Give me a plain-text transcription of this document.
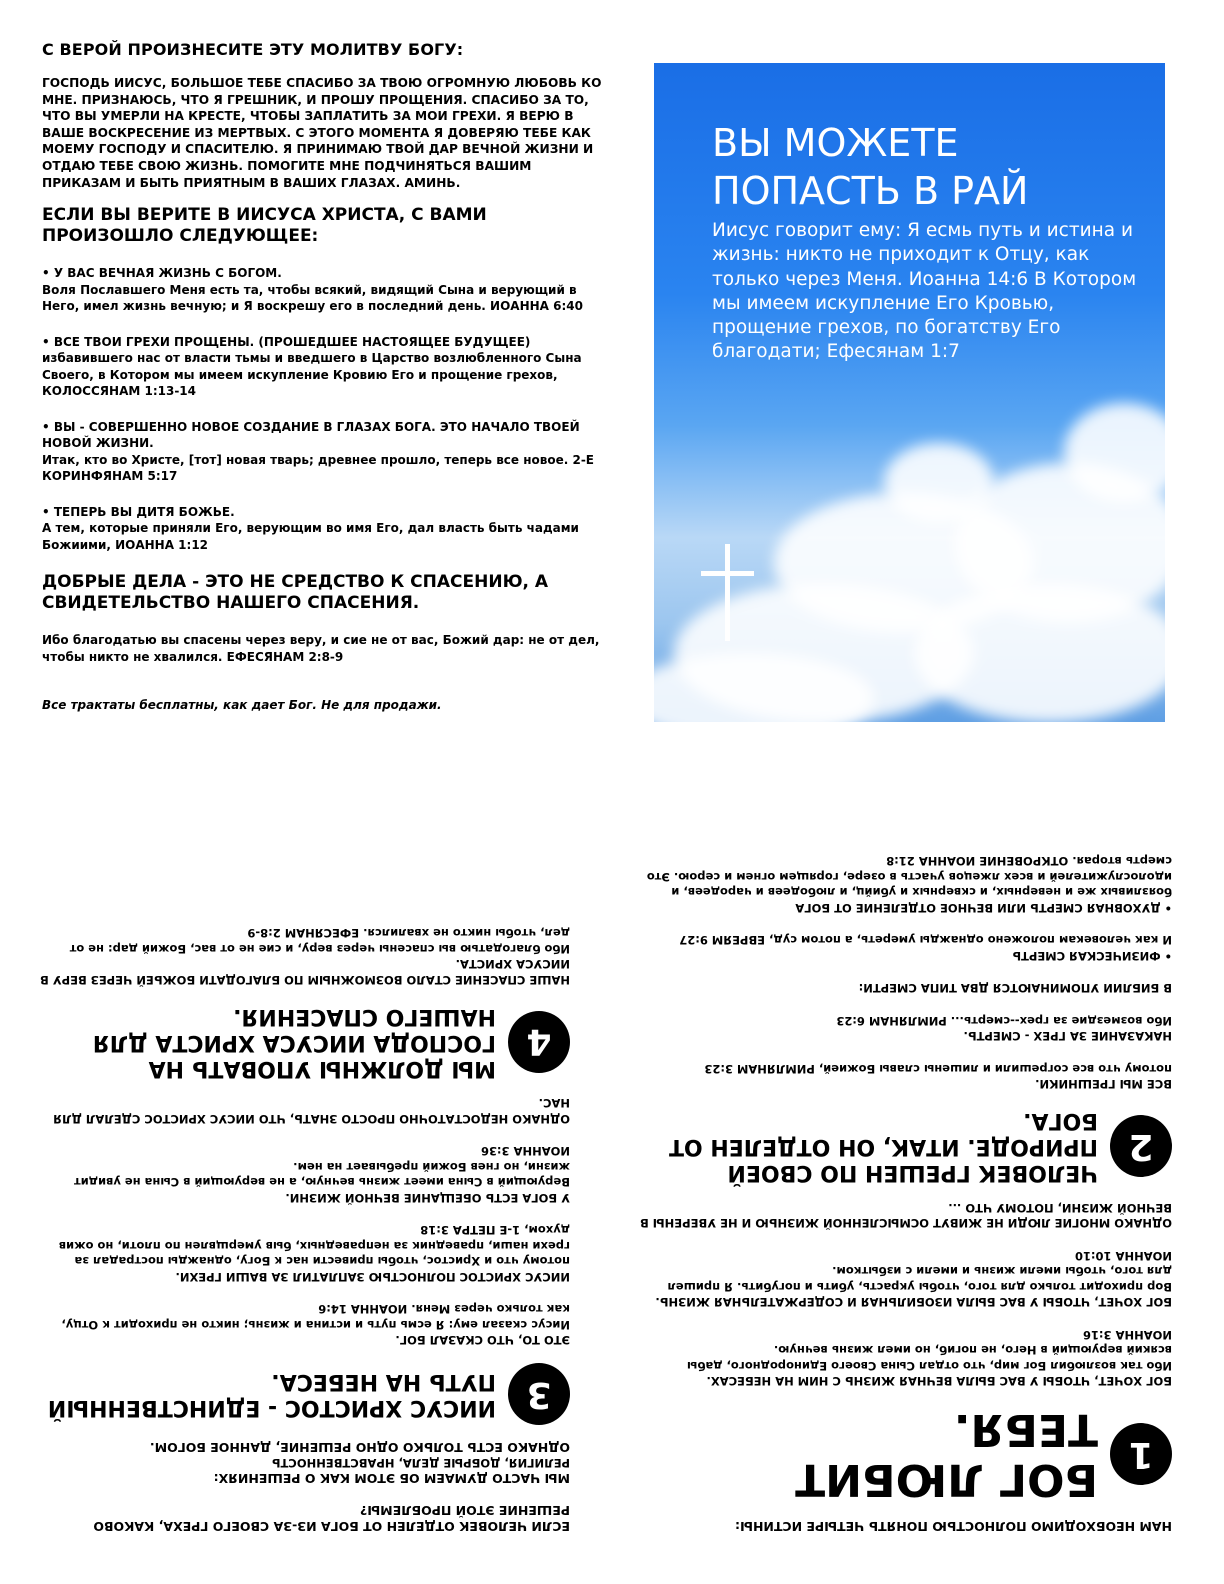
С ВЕРОЙ ПРОИЗНЕСИТЕ ЭТУ МОЛИТВУ БОГУ:

ГОСПОДЬ ИИСУС, БОЛЬШОЕ ТЕБЕ СПАСИБО ЗА ТВОЮ ОГРОМНУЮ ЛЮБОВЬ КО МНЕ. ПРИЗНАЮСЬ, ЧТО Я ГРЕШНИК, И ПРОШУ ПРОЩЕНИЯ. СПАСИБО ЗА ТО, ЧТО ВЫ УМЕРЛИ НА КРЕСТЕ, ЧТОБЫ ЗАПЛАТИТЬ ЗА МОИ ГРЕХИ. Я ВЕРЮ В ВАШЕ ВОСКРЕСЕНИЕ ИЗ МЕРТВЫХ. С ЭТОГО МОМЕНТА Я ДОВЕРЯЮ ТЕБЕ КАК МОЕМУ ГОСПОДУ И СПАСИТЕЛЮ. Я ПРИНИМАЮ ТВОЙ ДАР ВЕЧНОЙ ЖИЗНИ И ОТДАЮ ТЕБЕ СВОЮ ЖИЗНЬ. ПОМОГИТЕ МНЕ ПОДЧИНЯТЬСЯ ВАШИМ ПРИКАЗАМ И БЫТЬ ПРИЯТНЫМ В ВАШИХ ГЛАЗАХ. АМИНЬ.

ЕСЛИ ВЫ ВЕРИТЕ В ИИСУСА ХРИСТА, С ВАМИ ПРОИЗОШЛО СЛЕДУЮЩЕЕ:

• У ВАС ВЕЧНАЯ ЖИЗНЬ С БОГОМ.

Воля Пославшего Меня есть та, чтобы всякий, видящий Сына и верующий в Него, имел жизнь вечную; и Я воскрешу его в последний день. ИОАННА 6:40

• ВСЕ ТВОИ ГРЕХИ ПРОЩЕНЫ. (ПРОШЕДШЕЕ НАСТОЯЩЕЕ БУДУЩЕЕ)

избавившего нас от власти тьмы и введшего в Царство возлюбленного Сына Своего, в Котором мы имеем искупление Кровию Его и прощение грехов, КОЛОССЯНАМ 1:13-14

• ВЫ - СОВЕРШЕННО НОВОЕ СОЗДАНИЕ В ГЛАЗАХ БОГА. ЭТО НАЧАЛО ТВОЕЙ НОВОЙ ЖИЗНИ.

Итак, кто во Христе, [тот] новая тварь; древнее прошло, теперь все новое. 2-Е КОРИНФЯНАМ 5:17

• ТЕПЕРЬ ВЫ ДИТЯ БОЖЬЕ.

А тем, которые приняли Его, верующим во имя Его, дал власть быть чадами Божиими, ИОАННА 1:12

ДОБРЫЕ ДЕЛА - ЭТО НЕ СРЕДСТВО К СПАСЕНИЮ, А СВИДЕТЕЛЬСТВО НАШЕГО СПАСЕНИЯ.

Ибо благодатью вы спасены через веру, и сие не от вас, Божий дар: не от дел, чтобы никто не хвалился. ЕФЕСЯНАМ 2:8-9

Все трактаты бесплатны, как дает Бог. Не для продажи.

ВЫ МОЖЕТЕ ПОПАСТЬ В РАЙ
Иисус говорит ему: Я есмь путь и истина и жизнь: никто не приходит к Отцу, как только через Меня. Иоанна 14:6 В Котором мы имеем искупление Его Кровью, прощение грехов, по богатству Его благодати; Ефесянам 1:7

НАМ НЕОБХОДИМО ПОЛНОСТЬЮ ПОНЯТЬ ЧЕТЫРЕ ИСТИНЫ:

1
БОГ ЛЮБИТ ТЕБЯ.

БОГ ХОЧЕТ, ЧТОБЫ У ВАС БЫЛА ВЕЧНАЯ ЖИЗНЬ С НИМ НА НЕБЕСАХ.

Ибо так возлюбил Бог мир, что отдал Сына Своего Единородного, дабы всякий верующий в Него, не погиб, но имел жизнь вечную.

ИОАННА 3:16

БОГ ХОЧЕТ, ЧТОБЫ У ВАС БЫЛА ИЗОБИЛЬНАЯ И СОДЕРЖАТЕЛЬНАЯ ЖИЗНЬ.

Вор приходит только для того, чтобы украсть, убить и погубить. Я пришел для того, чтобы имели жизнь и имели с избытком.

ИОАННА 10:10

ОДНАКО МНОГИЕ ЛЮДИ НЕ ЖИВУТ ОСМЫСЛЕННОЙ ЖИЗНЬЮ И НЕ УВЕРЕНЫ В ВЕЧНОЙ ЖИЗНИ, ПОТОМУ ЧТО ...

2
ЧЕЛОВЕК ГРЕШЕН ПО СВОЕЙ ПРИРОДЕ. ИТАК, ОН ОТДЕЛЕН ОТ БОГА.

ВСЕ МЫ ГРЕШНИКИ.

потому что все согрешили и лишены славы Божией, РИМЛЯНАМ 3:23

НАКАЗАНИЕ ЗА ГРЕХ - СМЕРТЬ.

Ибо возмездие за грех--смерть... РИМЛЯНАМ 6:23

В БИБЛИИ УПОМИНАЮТСЯ ДВА ТИПА СМЕРТИ:

• ФИЗИЧЕСКАЯ СМЕРТЬ

И как человекам положено однажды умереть, а потом суд, ЕВРЕЯМ 9:27

• ДУХОВНАЯ СМЕРТЬ ИЛИ ВЕЧНОЕ ОТДЕЛЕНИЕ ОТ БОГА

боязливых же и неверных, и скверных и убийц, и любодеев и чародеев, и идолослужителей и всех лжецов участь в озере, горящем огнем и серою. Это смерть вторая. ОТКРОВЕНИЕ ИОАННА 21:8

ЕСЛИ ЧЕЛОВЕК ОТДЕЛЕН ОТ БОГА ИЗ-ЗА СВОЕГО ГРЕХА, КАКОВО РЕШЕНИЕ ЭТОЙ ПРОБЛЕМЫ?

МЫ ЧАСТО ДУМАЕМ ОБ ЭТОМ КАК О РЕШЕНИЯХ:

РЕЛИГИЯ, ДОБРЫЕ ДЕЛА, НРАВСТВЕННОСТЬ

ОДНАКО ЕСТЬ ТОЛЬКО ОДНО РЕШЕНИЕ, ДАННОЕ БОГОМ.

3
ИИСУС ХРИСТОС - ЕДИНСТВЕННЫЙ ПУТЬ НА НЕБЕСА.

ЭТО ТО, ЧТО СКАЗАЛ БОГ.

Иисус сказал ему: Я есмь путь и истина и жизнь; никто не приходит к Отцу, как только через Меня. ИОАННА 14:6

ИИСУС ХРИСТОС ПОЛНОСТЬЮ ЗАПЛАТИЛ ЗА ВАШИ ГРЕХИ.

потому что и Христос, чтобы привести нас к Богу, однажды пострадал за грехи наши, праведник за неправедных, быв умерщвлен по плоти, но ожив духом, 1-Е ПЕТРА 3:18

У БОГА ЕСТЬ ОБЕЩАНИЕ ВЕЧНОЙ ЖИЗНИ.

Верующий в Сына имеет жизнь вечную, а не верующий в Сына не увидит жизни, но гнев Божий пребывает на нем.

ИОАННА 3:36

ОДНАКО НЕДОСТАТОЧНО ПРОСТО ЗНАТЬ, ЧТО ИИСУС ХРИСТОС СДЕЛАЛ ДЛЯ НАС.

4
МЫ ДОЛЖНЫ УПОВАТЬ НА ГОСПОДА ИИСУСА ХРИСТА ДЛЯ НАШЕГО СПАСЕНИЯ.

НАШЕ СПАСЕНИЕ СТАЛО ВОЗМОЖНЫМ ПО БЛАГОДАТИ БОЖЬЕЙ ЧЕРЕЗ ВЕРУ В ИИСУСА ХРИСТА.

Ибо благодатью вы спасены через веру, и сие не от вас, Божий дар: не от дел, чтобы никто не хвалился. ЕФЕСЯНАМ 2:8-9
